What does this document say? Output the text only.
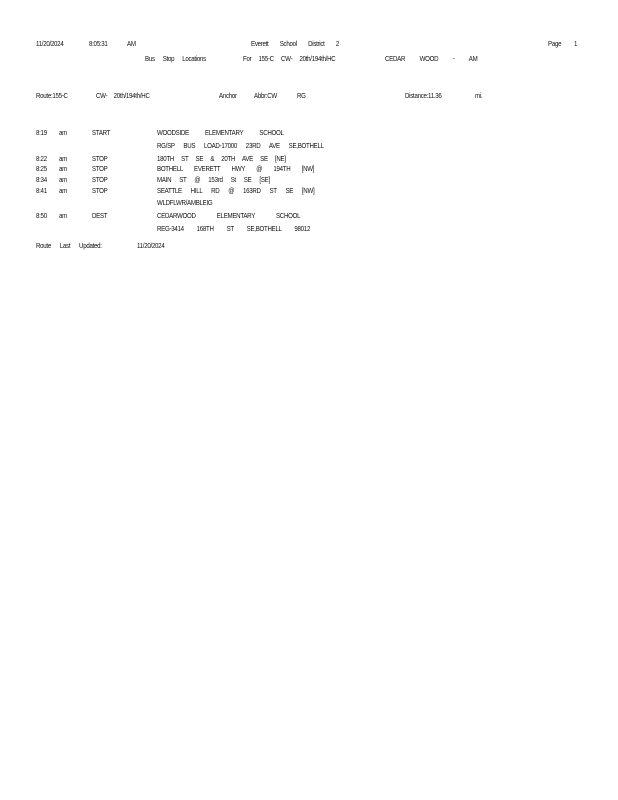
11/20/2024	8:05:31	AM	Everett School District 2	Page 1
Bus Stop Locations	For 155-C CW- 20th/194th/HC	CEDAR WOOD - AM
Route:155-C	CW- 20th/194th/HC	Anchor Abbr:CW	RG	Distance:11.36	mi.
8:19 am	START	WOODSIDE ELEMENTARY SCHOOL
RG/SP BUS LOAD-17000 23RD AVE SE,BOTHELL
8:22 am	STOP	180TH ST SE & 20TH AVE SE [NE]
8:25 am	STOP	BOTHELL EVERETT HWY @ 194TH [NW]
8:34 am	STOP	MAIN ST @ 153rd St SE [SE]
8:41 am	STOP	SEATTLE HILL RD @ 163RD ST SE [NW]
WLDFLWR/AMBLEIG
8:50 am	DEST	CEDARWOOD ELEMENTARY SCHOOL
REG-3414 168TH ST SE,BOTHELL 98012
Route Last Updated:	11/20/2024
